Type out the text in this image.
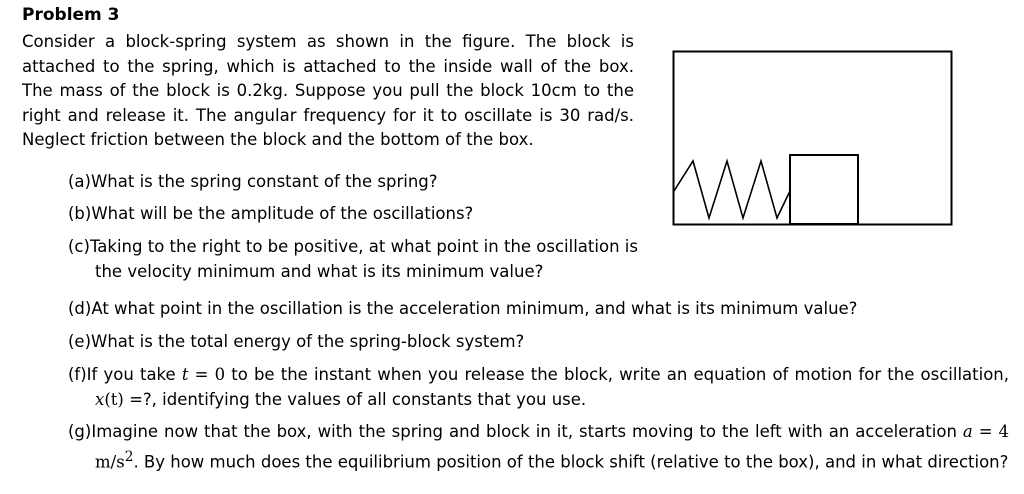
Problem 3

Consider a block-spring system as shown in the figure. The block is attached to the spring, which is attached to the inside wall of the box. The mass of the block is 0.2kg. Suppose you pull the block 10cm to the right and release it. The angular frequency for it to oscillate is 30 rad/s. Neglect friction between the block and the bottom of the box.

(a)What is the spring constant of the spring?

(b)What will be the amplitude of the oscillations?

(c)Taking to the right to be positive, at what point in the oscillation is the velocity minimum and what is its minimum value?

(d)At what point in the oscillation is the acceleration minimum, and what is its minimum value?

(e)What is the total energy of the spring-block system?

(f)If you take t = 0 to be the instant when you release the block, write an equation of motion for the oscillation, x(t) =?, identifying the values of all constants that you use.

(g)Imagine now that the box, with the spring and block in it, starts moving to the left with an acceleration a = 4 $m/s^2$. By how much does the equilibrium position of the block shift (relative to the box), and in what direction?
